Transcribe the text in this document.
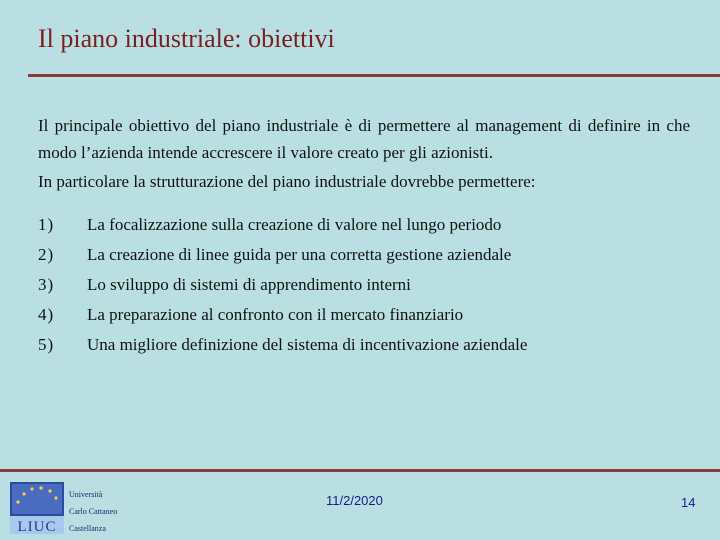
Il piano industriale: obiettivi

Il principale obiettivo del piano industriale è di permettere al management di definire in che modo l’azienda intende accrescere il valore creato per gli azionisti.

In particolare la strutturazione del piano industriale dovrebbe permettere:

1)	La focalizzazione sulla creazione di valore nel lungo periodo
2)	La creazione di linee guida per una corretta gestione aziendale
3)	Lo sviluppo di sistemi di apprendimento interni
4)	La preparazione al confronto con il mercato finanziario
5)	Una migliore definizione del sistema di incentivazione aziendale
LIUC
Università
Carlo Cattaneo
Castellanza
11/2/2020	14
